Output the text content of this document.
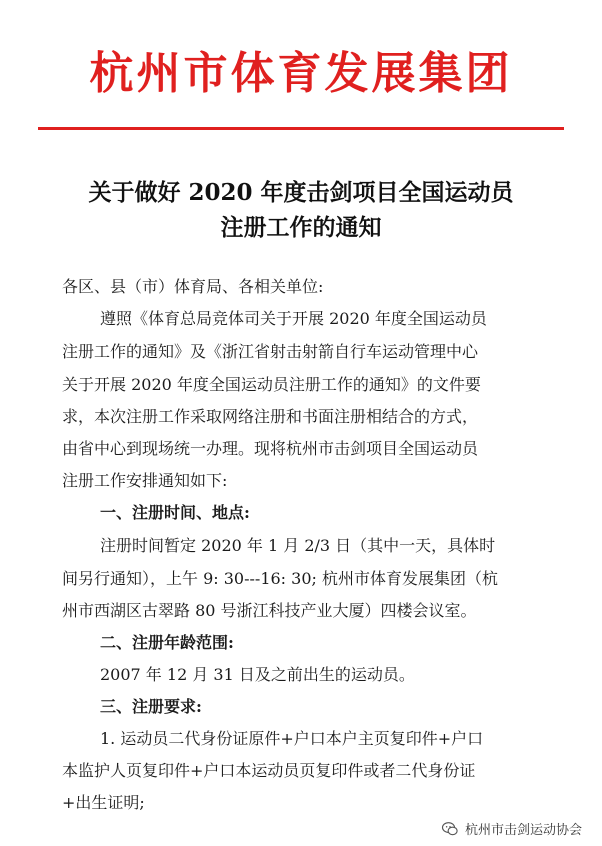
杭州市体育发展集团
关于做好 2020 年度击剑项目全国运动员
注册工作的通知
各区、县（市）体育局、各相关单位:
遵照《体育总局竞体司关于开展 2020 年度全国运动员
注册工作的通知》及《浙江省射击射箭自行车运动管理中心
关于开展 2020 年度全国运动员注册工作的通知》的文件要
求，本次注册工作采取网络注册和书面注册相结合的方式，
由省中心到现场统一办理。现将杭州市击剑项目全国运动员
注册工作安排通知如下:
一、注册时间、地点:
注册时间暂定 2020 年 1 月 2/3 日（其中一天，具体时
间另行通知），上午 9: 30---16: 30; 杭州市体育发展集团（杭
州市西湖区古翠路 80 号浙江科技产业大厦）四楼会议室。
二、注册年龄范围:
2007 年 12 月 31 日及之前出生的运动员。
三、注册要求:
1. 运动员二代身份证原件+户口本户主页复印件+户口
本监护人页复印件+户口本运动员页复印件或者二代身份证
+出生证明;
杭州市击剑运动协会
